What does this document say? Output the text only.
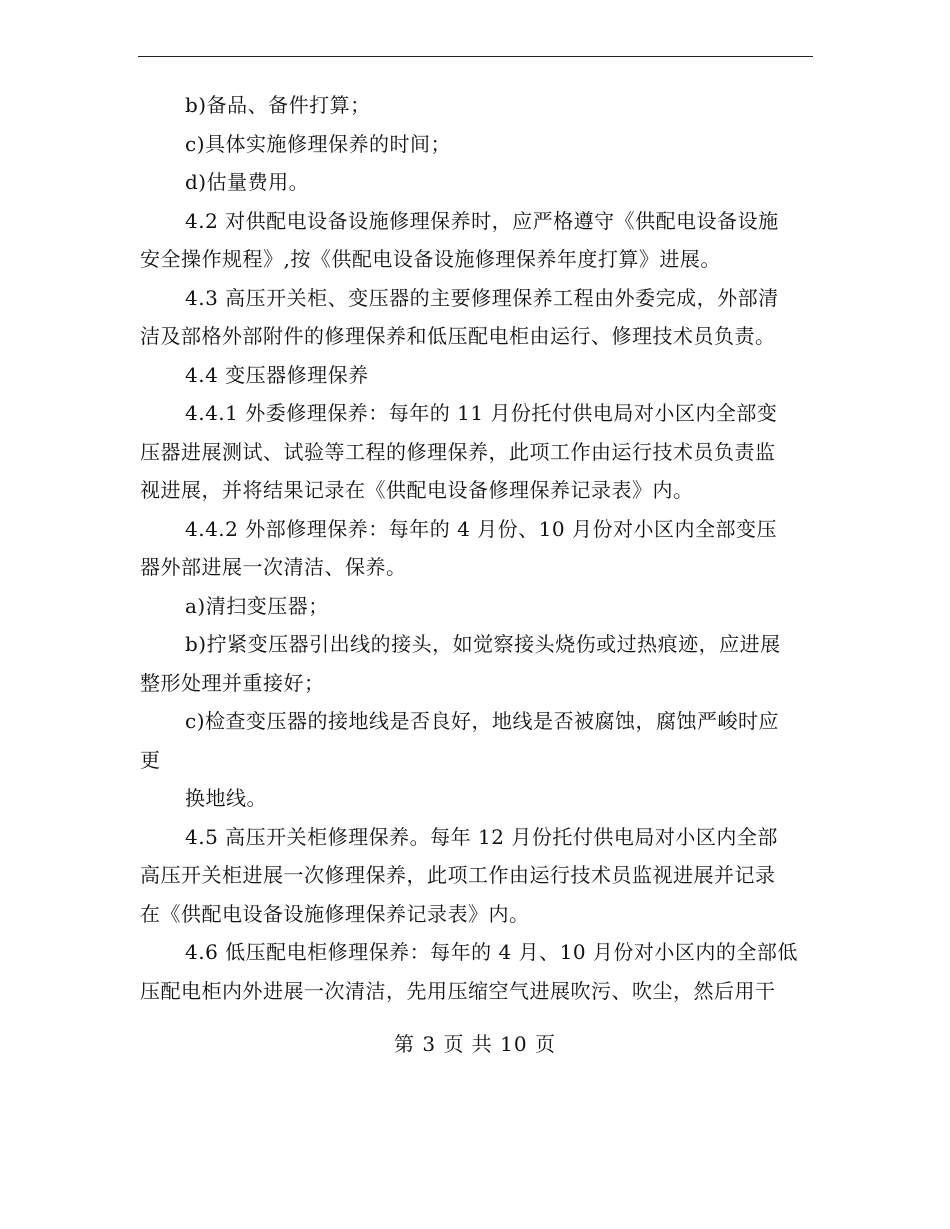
b)备品、备件打算；
c)具体实施修理保养的时间；
d)估量费用。
4.2 对供配电设备设施修理保养时，应严格遵守《供配电设备设施
安全操作规程》,按《供配电设备设施修理保养年度打算》进展。
4.3 高压开关柜、变压器的主要修理保养工程由外委完成，外部清
洁及部格外部附件的修理保养和低压配电柜由运行、修理技术员负责。
4.4 变压器修理保养
4.4.1 外委修理保养：每年的 11 月份托付供电局对小区内全部变
压器进展测试、试验等工程的修理保养，此项工作由运行技术员负责监
视进展，并将结果记录在《供配电设备修理保养记录表》内。
4.4.2 外部修理保养：每年的 4 月份、10 月份对小区内全部变压
器外部进展一次清洁、保养。
a)清扫变压器；
b)拧紧变压器引出线的接头，如觉察接头烧伤或过热痕迹，应进展
整形处理并重接好；
c)检查变压器的接地线是否良好，地线是否被腐蚀，腐蚀严峻时应
更
换地线。
4.5 高压开关柜修理保养。每年 12 月份托付供电局对小区内全部
高压开关柜进展一次修理保养，此项工作由运行技术员监视进展并记录
在《供配电设备设施修理保养记录表》内。
4.6 低压配电柜修理保养：每年的 4 月、10 月份对小区内的全部低
压配电柜内外进展一次清洁，先用压缩空气进展吹污、吹尘，然后用干
第 3 页 共 10 页
